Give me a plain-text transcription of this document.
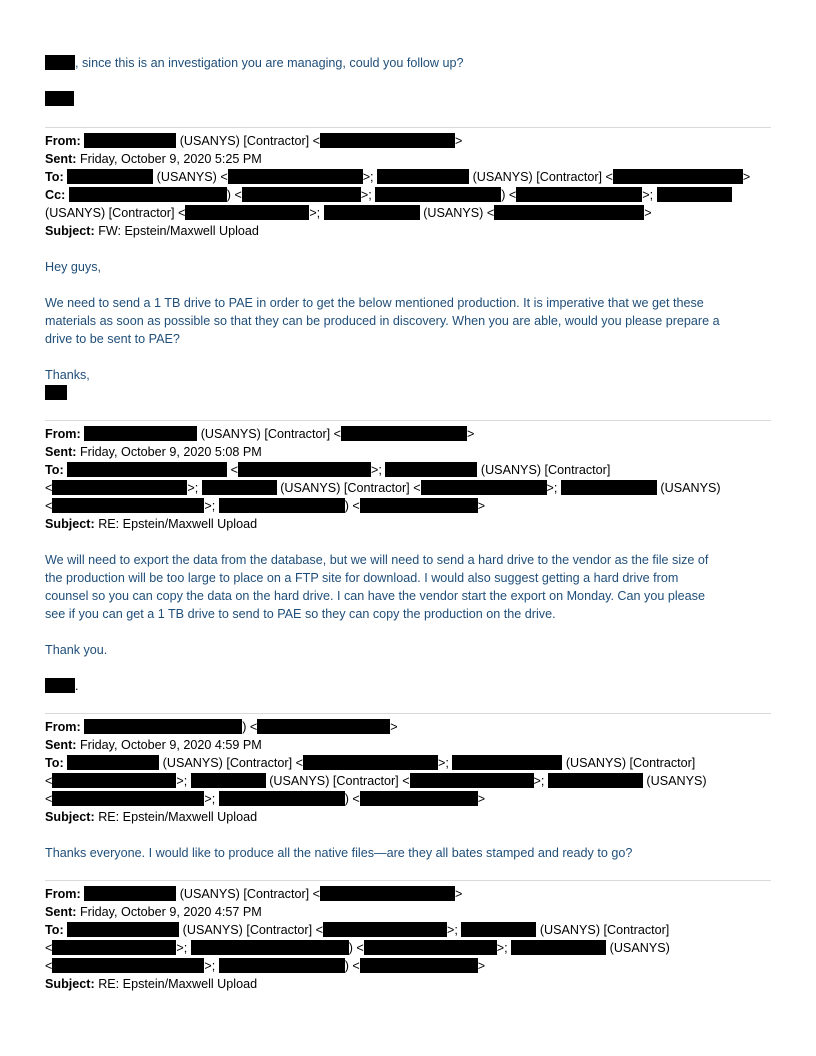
, since this is an investigation you are managing, could you follow up?
From:	(USANYS) [Contractor] <	>
Sent: Friday, October 9, 2020 5:25 PM
To:	(USANYS) <	>;	(USANYS) [Contractor] <	>
Cc:	) <	>;	) <	>;
(USANYS) [Contractor] <	>;	(USANYS) <	>
Subject: FW: Epstein/Maxwell Upload
Hey guys,
We need to send a 1 TB drive to PAE in order to get the below mentioned production. It is imperative that we get these
materials as soon as possible so that they can be produced in discovery. When you are able, would you please prepare a
drive to be sent to PAE?
Thanks,
From:	(USANYS) [Contractor] <	>
Sent: Friday, October 9, 2020 5:08 PM
To:	<	>;	(USANYS) [Contractor]
<	>;	(USANYS) [Contractor] <	>;	(USANYS)
<	>;	) <	>
Subject: RE: Epstein/Maxwell Upload
We will need to export the data from the database, but we will need to send a hard drive to the vendor as the file size of
the production will be too large to place on a FTP site for download. I would also suggest getting a hard drive from
counsel so you can copy the data on the hard drive. I can have the vendor start the export on Monday. Can you please
see if you can get a 1 TB drive to send to PAE so they can copy the production on the drive.
Thank you.
.
From:	) <	>
Sent: Friday, October 9, 2020 4:59 PM
To:	(USANYS) [Contractor] <	>;	(USANYS) [Contractor]
<	>;	(USANYS) [Contractor] <	>;	(USANYS)
<	>;	) <	>
Subject: RE: Epstein/Maxwell Upload
Thanks everyone. I would like to produce all the native files—are they all bates stamped and ready to go?
From:	(USANYS) [Contractor] <	>
Sent: Friday, October 9, 2020 4:57 PM
To:	(USANYS) [Contractor] <	>;	(USANYS) [Contractor]
<	>;	) <	>;	(USANYS)
<	>;	) <	>
Subject: RE: Epstein/Maxwell Upload
